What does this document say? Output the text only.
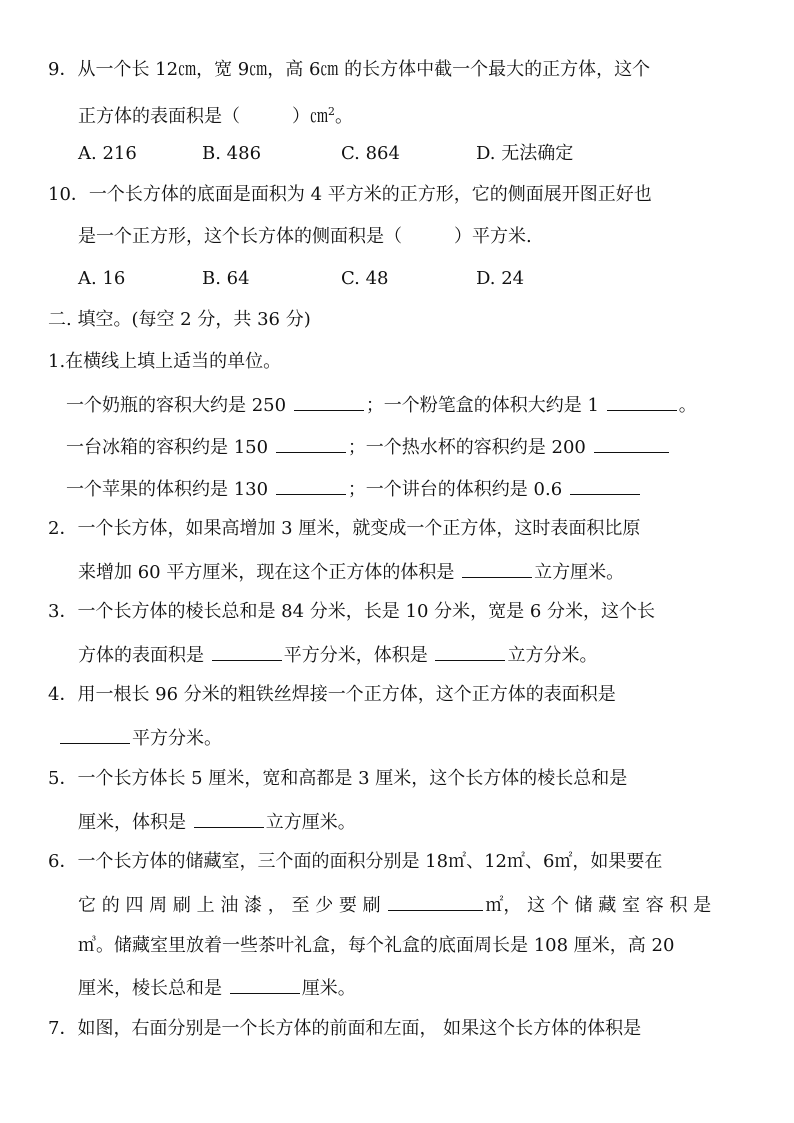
9．从一个长 12㎝，宽 9㎝，高 6㎝ 的长方体中截一个最大的正方体，这个
正方体的表面积是（	）㎝$^2$。
A. 216	B. 486	C. 864	D. 无法确定
10．一个长方体的底面是面积为 4 平方米的正方形，它的侧面展开图正好也
是一个正方形，这个长方体的侧面积是（	）平方米.
A. 16	B. 64	C. 48	D. 24
二. 填空。(每空 2 分，共 36 分)
1.在横线上填上适当的单位。
一个奶瓶的容积大约是 250	；一个粉笔盒的体积大约是 1	。
一台冰箱的容积约是 150	；一个热水杯的容积约是 200
一个苹果的体积约是 130	；一个讲台的体积约是 0.6
2．一个长方体，如果高增加 3 厘米，就变成一个正方体，这时表面积比原
来增加 60 平方厘米，现在这个正方体的体积是	立方厘米。
3．一个长方体的棱长总和是 84 分米，长是 10 分米，宽是 6 分米，这个长
方体的表面积是	平方分米，体积是	立方分米。
4．用一根长 96 分米的粗铁丝焊接一个正方体，这个正方体的表面积是
平方分米。
5．一个长方体长 5 厘米，宽和高都是 3 厘米，这个长方体的棱长总和是
厘米，体积是	立方厘米。
6．一个长方体的储藏室，三个面的面积分别是 18㎡、12㎡、6㎡，如果要在
它 的 四 周 刷 上 油 漆 ， 至 少 要 刷	㎡， 这 个 储 藏 室 容 积 是
㎥。储藏室里放着一些茶叶礼盒，每个礼盒的底面周长是 108 厘米，高 20
厘米，棱长总和是	厘米。
7．如图，右面分别是一个长方体的前面和左面， 如果这个长方体的体积是
